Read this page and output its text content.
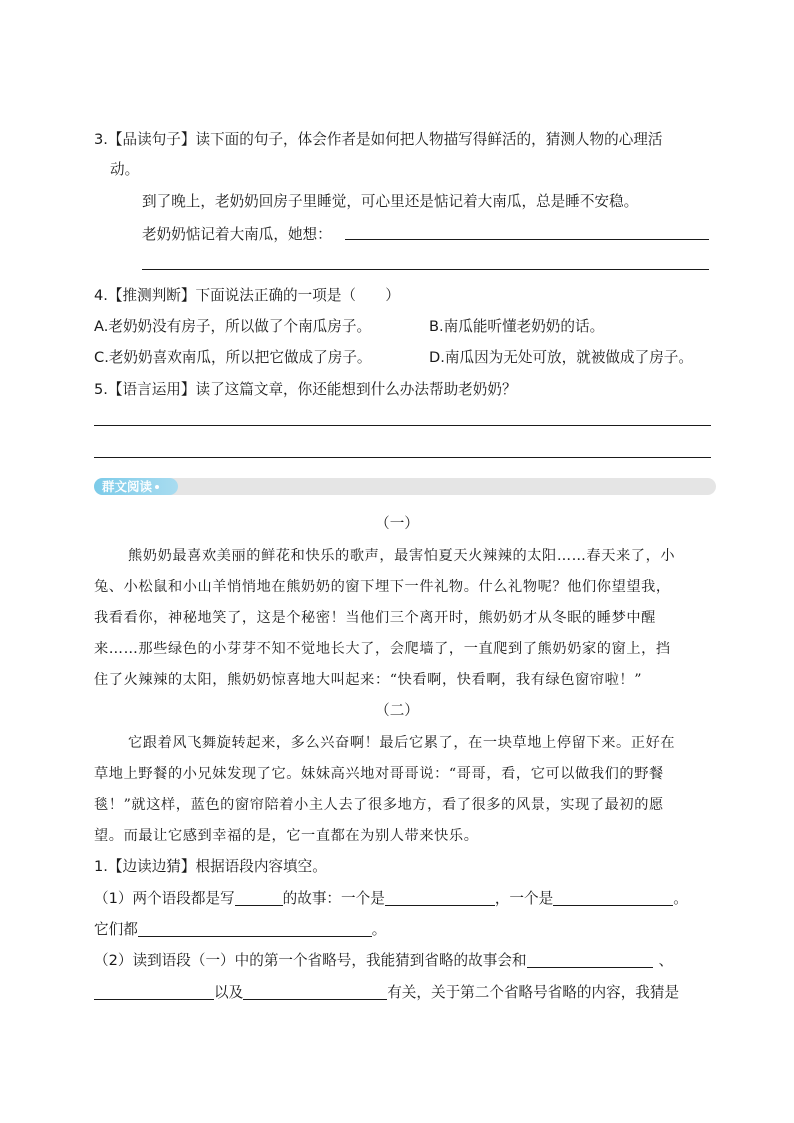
3.【品读句子】读下面的句子，体会作者是如何把人物描写得鲜活的，猜测人物的心理活
动。
到了晚上，老奶奶回房子里睡觉，可心里还是惦记着大南瓜，总是睡不安稳。
老奶奶惦记着大南瓜，她想：
4.【推测判断】下面说法正确的一项是（　　）
A.老奶奶没有房子，所以做了个南瓜房子。	B.南瓜能听懂老奶奶的话。
C.老奶奶喜欢南瓜，所以把它做成了房子。	D.南瓜因为无处可放，就被做成了房子。
5.【语言运用】读了这篇文章，你还能想到什么办法帮助老奶奶？
群文阅读
（一）
熊奶奶最喜欢美丽的鲜花和快乐的歌声，最害怕夏天火辣辣的太阳……春天来了，小
兔、小松鼠和小山羊悄悄地在熊奶奶的窗下埋下一件礼物。什么礼物呢？他们你望望我，
我看看你，神秘地笑了，这是个秘密！当他们三个离开时，熊奶奶才从冬眠的睡梦中醒
来……那些绿色的小芽芽不知不觉地长大了，会爬墙了，一直爬到了熊奶奶家的窗上，挡
住了火辣辣的太阳，熊奶奶惊喜地大叫起来：“快看啊，快看啊，我有绿色窗帘啦！”
（二）
它跟着风飞舞旋转起来，多么兴奋啊！最后它累了，在一块草地上停留下来。正好在
草地上野餐的小兄妹发现了它。妹妹高兴地对哥哥说：“哥哥，看，它可以做我们的野餐
毯！”就这样，蓝色的窗帘陪着小主人去了很多地方，看了很多的风景，实现了最初的愿
望。而最让它感到幸福的是，它一直都在为别人带来快乐。
1.【边读边猜】根据语段内容填空。
（1）两个语段都是写	的故事：一个是	，一个是	。
它们都	。
（2）读到语段（一）中的第一个省略号，我能猜到省略的故事会和	、
以及	有关，关于第二个省略号省略的内容，我猜是
